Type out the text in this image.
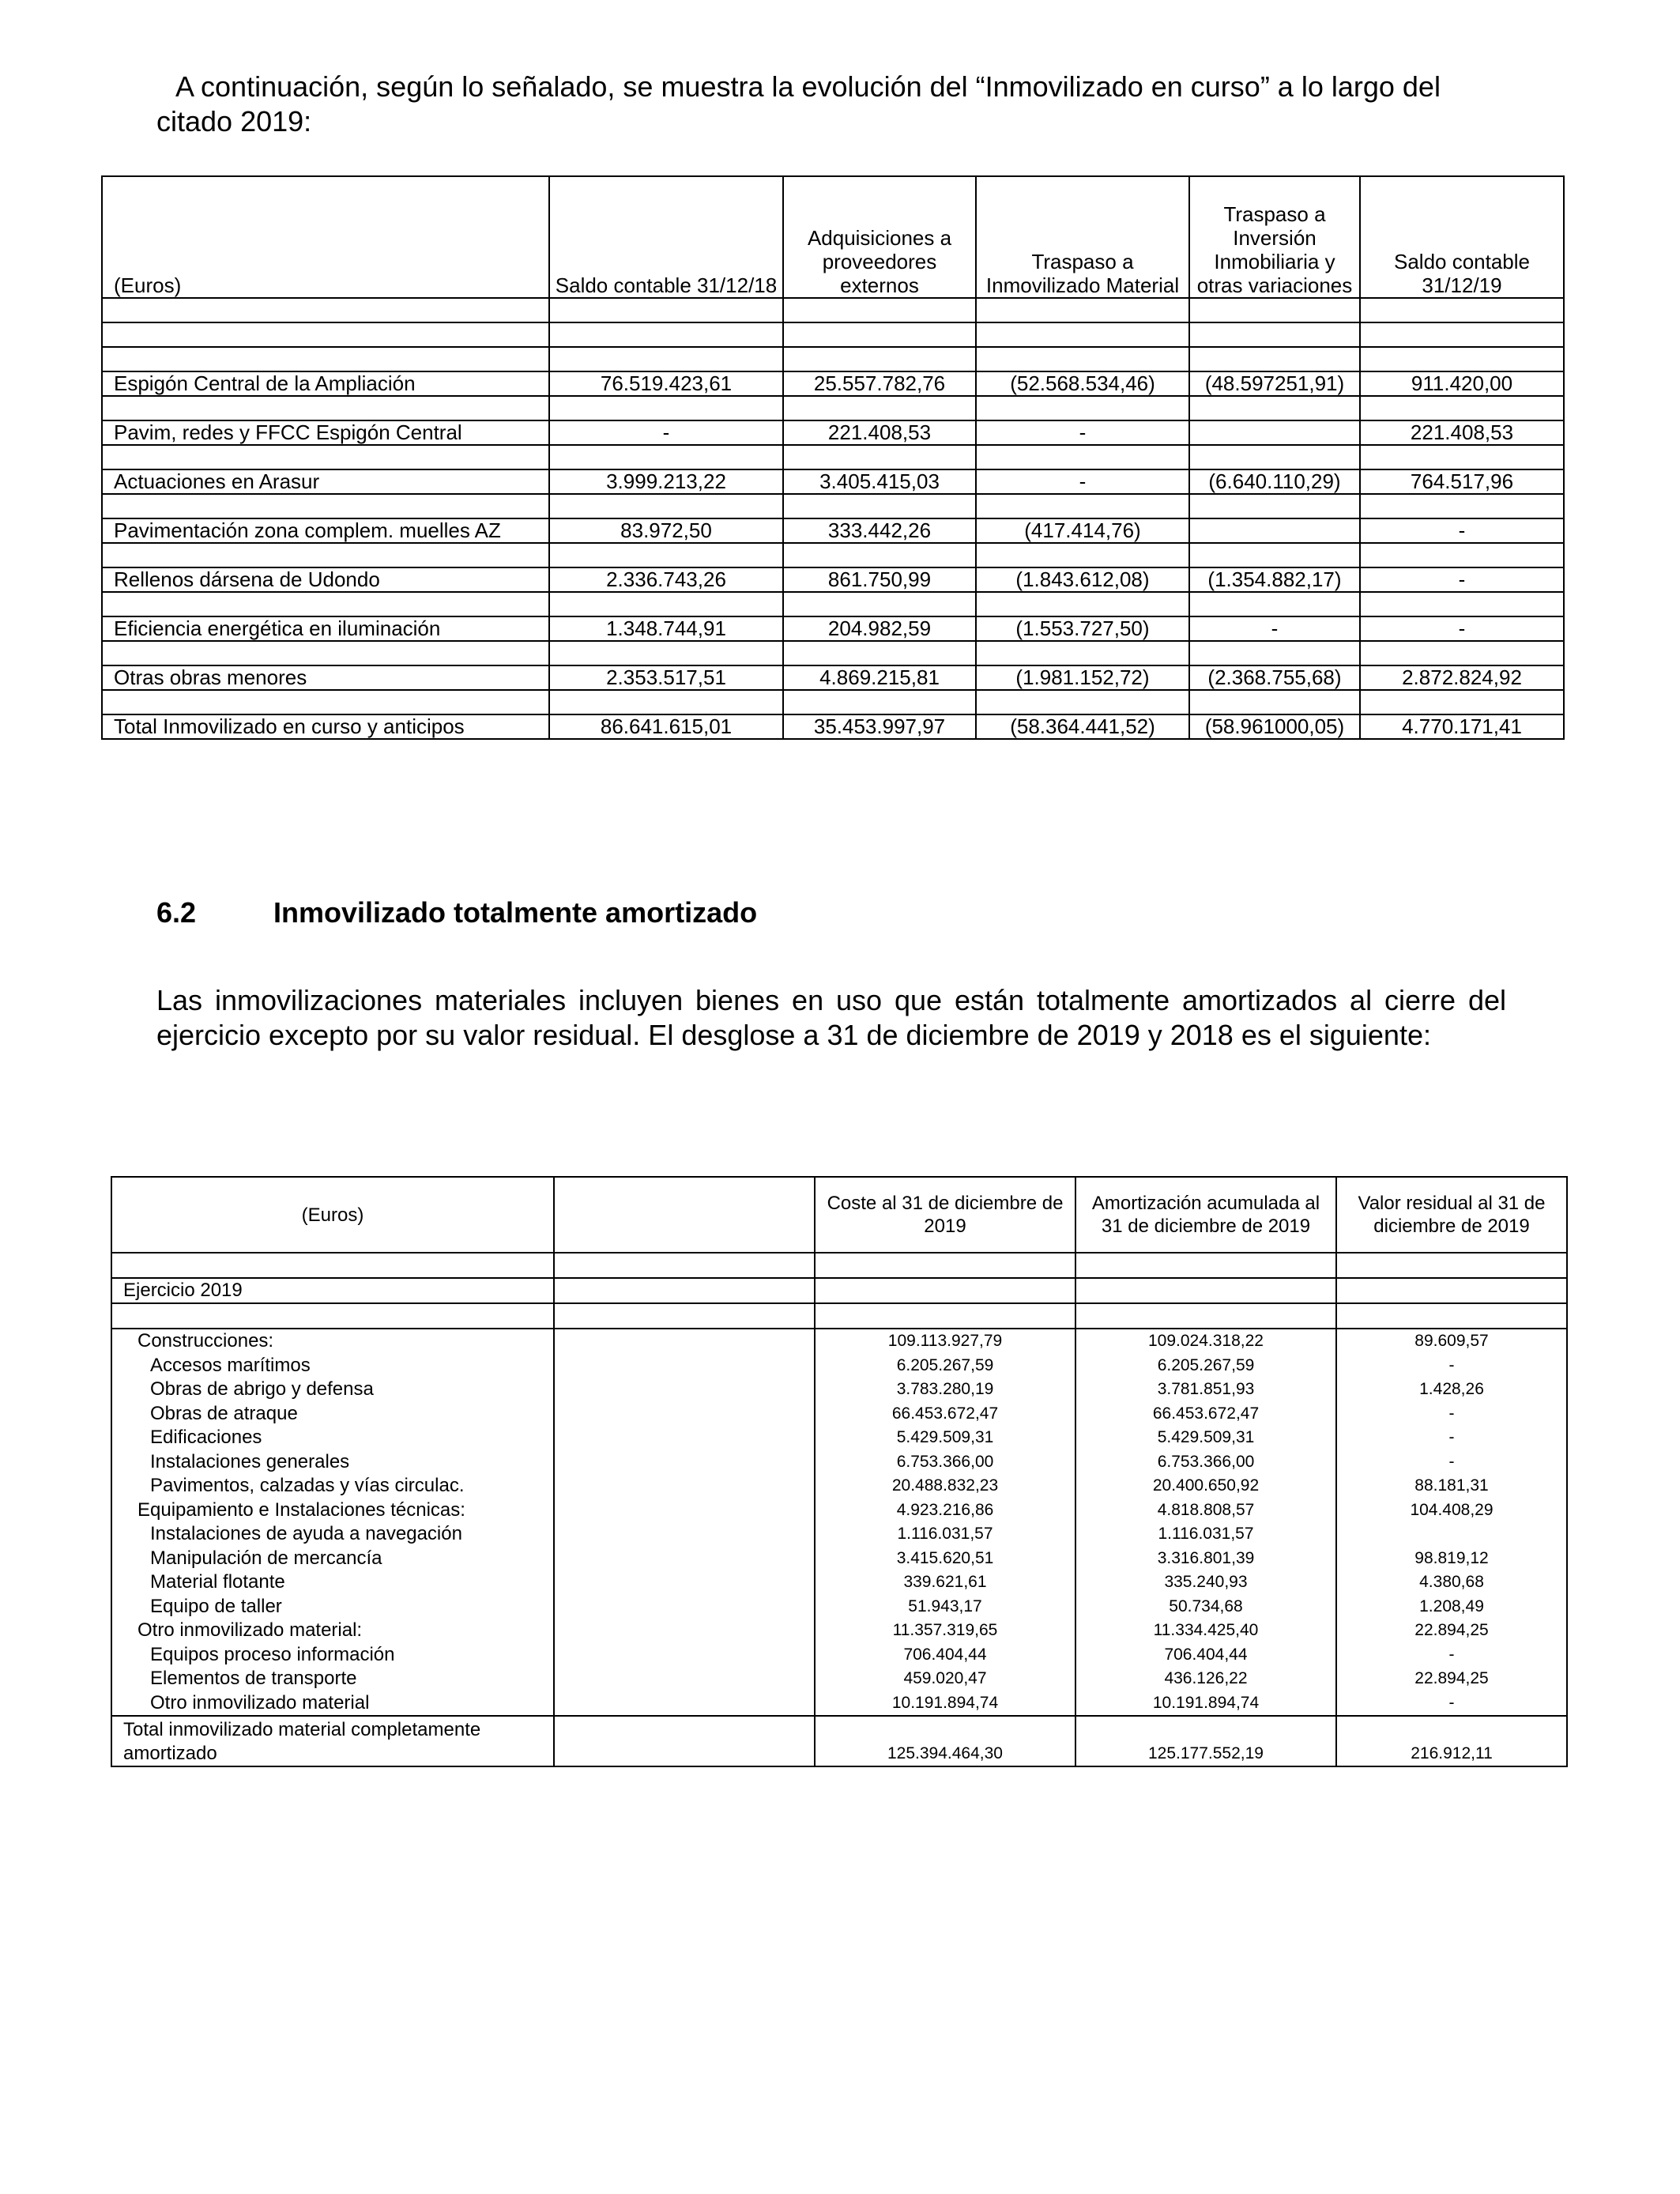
A continuación, según lo señalado, se muestra la evolución del “Inmovilizado en curso” a lo largo del citado 2019:

(Euros)	Saldo contable 31/12/18	Adquisiciones a proveedores externos	Traspaso a Inmovilizado Material	Traspaso a Inversión Inmobiliaria y otras variaciones	Saldo contable 31/12/19

Espigón Central de la Ampliación	76.519.423,61	25.557.782,76	(52.568.534,46)	(48.597251,91)	911.420,00

Pavim, redes y FFCC Espigón Central	-	221.408,53	-		221.408,53

Actuaciones en Arasur	3.999.213,22	3.405.415,03	-	(6.640.110,29)	764.517,96

Pavimentación zona complem. muelles AZ	83.972,50	333.442,26	(417.414,76)		-

Rellenos dársena de Udondo	2.336.743,26	861.750,99	(1.843.612,08)	(1.354.882,17)	-

Eficiencia energética en iluminación	1.348.744,91	204.982,59	(1.553.727,50)	-	-

Otras obras menores	2.353.517,51	4.869.215,81	(1.981.152,72)	(2.368.755,68)	2.872.824,92

Total Inmovilizado en curso y anticipos	86.641.615,01	35.453.997,97	(58.364.441,52)	(58.961000,05)	4.770.171,41
6.2	Inmovilizado totalmente amortizado

Las inmovilizaciones materiales incluyen bienes en uso que están totalmente amortizados al cierre del ejercicio excepto por su valor residual. El desglose a 31 de diciembre de 2019 y 2018 es el siguiente:

(Euros)		Coste al 31 de diciembre de 2019	Amortización acumulada al 31 de diciembre de 2019	Valor residual al 31 de diciembre de 2019

Ejercicio 2019				

Construcciones:		109.113.927,79	109.024.318,22	89.609,57
Accesos marítimos		6.205.267,59	6.205.267,59	-
Obras de abrigo y defensa		3.783.280,19	3.781.851,93	1.428,26
Obras de atraque		66.453.672,47	66.453.672,47	-
Edificaciones		5.429.509,31	5.429.509,31	-
Instalaciones generales		6.753.366,00	6.753.366,00	-
Pavimentos, calzadas y vías circulac.		20.488.832,23	20.400.650,92	88.181,31
Equipamiento e Instalaciones técnicas:		4.923.216,86	4.818.808,57	104.408,29
Instalaciones de ayuda a navegación		1.116.031,57	1.116.031,57	
Manipulación de mercancía		3.415.620,51	3.316.801,39	98.819,12
Material flotante		339.621,61	335.240,93	4.380,68
Equipo de taller		51.943,17	50.734,68	1.208,49
Otro inmovilizado material:		11.357.319,65	11.334.425,40	22.894,25
Equipos proceso información		706.404,44	706.404,44	-
Elementos de transporte		459.020,47	436.126,22	22.894,25
Otro inmovilizado material		10.191.894,74	10.191.894,74	-
Total inmovilizado material completamente amortizado		125.394.464,30	125.177.552,19	216.912,11
